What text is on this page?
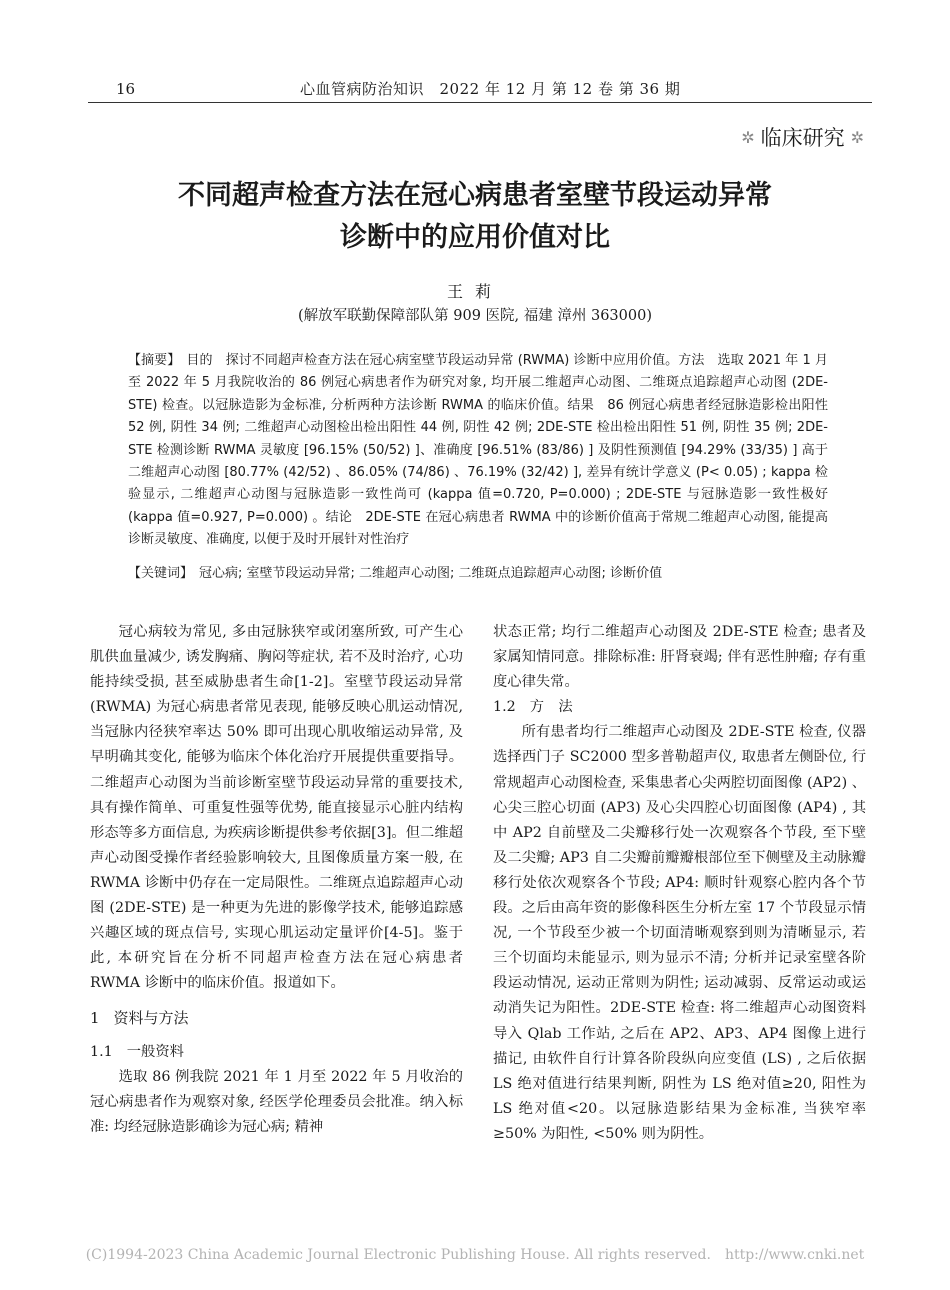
16	心血管病防治知识　2022 年 12 月 第 12 卷 第 36 期
✲ 临床研究 ✲
不同超声检查方法在冠心病患者室壁节段运动异常
诊断中的应用价值对比
王莉
(解放军联勤保障部队第 909 医院, 福建 漳州 363000)
【摘要】 目的　探讨不同超声检查方法在冠心病室壁节段运动异常 (RWMA) 诊断中应用价值。方法　选取 2021 年 1 月至 2022 年 5 月我院收治的 86 例冠心病患者作为研究对象, 均开展二维超声心动图、二维斑点追踪超声心动图 (2DE-STE) 检查。以冠脉造影为金标准, 分析两种方法诊断 RWMA 的临床价值。结果　86 例冠心病患者经冠脉造影检出阳性 52 例, 阴性 34 例; 二维超声心动图检出检出阳性 44 例, 阴性 42 例; 2DE-STE 检出检出阳性 51 例, 阴性 35 例; 2DE-STE 检测诊断 RWMA 灵敏度 [96.15% (50/52) ]、准确度 [96.51% (83/86) ] 及阴性预测值 [94.29% (33/35) ] 高于二维超声心动图 [80.77% (42/52) 、86.05% (74/86) 、76.19% (32/42) ], 差异有统计学意义 (P< 0.05) ; kappa 检验显示, 二维超声心动图与冠脉造影一致性尚可 (kappa 值=0.720, P=0.000) ; 2DE-STE 与冠脉造影一致性极好 (kappa 值=0.927, P=0.000) 。结论　2DE-STE 在冠心病患者 RWMA 中的诊断价值高于常规二维超声心动图, 能提高诊断灵敏度、准确度, 以便于及时开展针对性治疗
【关键词】 冠心病; 室壁节段运动异常; 二维超声心动图; 二维斑点追踪超声心动图; 诊断价值

冠心病较为常见, 多由冠脉狭窄或闭塞所致, 可产生心肌供血量减少, 诱发胸痛、胸闷等症状, 若不及时治疗, 心功能持续受损, 甚至威胁患者生命[1-2]。室壁节段运动异常 (RWMA) 为冠心病患者常见表现, 能够反映心肌运动情况, 当冠脉内径狭窄率达 50% 即可出现心肌收缩运动异常, 及早明确其变化, 能够为临床个体化治疗开展提供重要指导。二维超声心动图为当前诊断室壁节段运动异常的重要技术, 具有操作简单、可重复性强等优势, 能直接显示心脏内结构形态等多方面信息, 为疾病诊断提供参考依据[3]。但二维超声心动图受操作者经验影响较大, 且图像质量方案一般, 在 RWMA 诊断中仍存在一定局限性。二维斑点追踪超声心动图 (2DE-STE) 是一种更为先进的影像学技术, 能够追踪感兴趣区域的斑点信号, 实现心肌运动定量评价[4-5]。鉴于此, 本研究旨在分析不同超声检查方法在冠心病患者 RWMA 诊断中的临床价值。报道如下。

1 资料与方法

1.1 一般资料

选取 86 例我院 2021 年 1 月至 2022 年 5 月收治的冠心病患者作为观察对象, 经医学伦理委员会批准。纳入标准: 均经冠脉造影确诊为冠心病; 精神

状态正常; 均行二维超声心动图及 2DE-STE 检查; 患者及家属知情同意。排除标准: 肝肾衰竭; 伴有恶性肿瘤; 存有重度心律失常。

1.2 方　法

所有患者均行二维超声心动图及 2DE-STE 检查, 仪器选择西门子 SC2000 型多普勒超声仪, 取患者左侧卧位, 行常规超声心动图检查, 采集患者心尖两腔切面图像 (AP2) 、心尖三腔心切面 (AP3) 及心尖四腔心切面图像 (AP4) , 其中 AP2 自前壁及二尖瓣移行处一次观察各个节段, 至下壁及二尖瓣; AP3 自二尖瓣前瓣瓣根部位至下侧壁及主动脉瓣移行处依次观察各个节段; AP4: 顺时针观察心腔内各个节段。之后由高年资的影像科医生分析左室 17 个节段显示情况, 一个节段至少被一个切面清晰观察到则为清晰显示, 若三个切面均未能显示, 则为显示不清; 分析并记录室壁各阶段运动情况, 运动正常则为阴性; 运动减弱、反常运动或运动消失记为阳性。2DE-STE 检查: 将二维超声心动图资料导入 Qlab 工作站, 之后在 AP2、AP3、AP4 图像上进行描记, 由软件自行计算各阶段纵向应变值 (LS) , 之后依据 LS 绝对值进行结果判断, 阴性为 LS 绝对值≥20, 阳性为 LS 绝对值<20。以冠脉造影结果为金标准, 当狭窄率≥50% 为阳性, <50% 则为阴性。

(C)1994-2023 China Academic Journal Electronic Publishing House. All rights reserved.　http://www.cnki.net
